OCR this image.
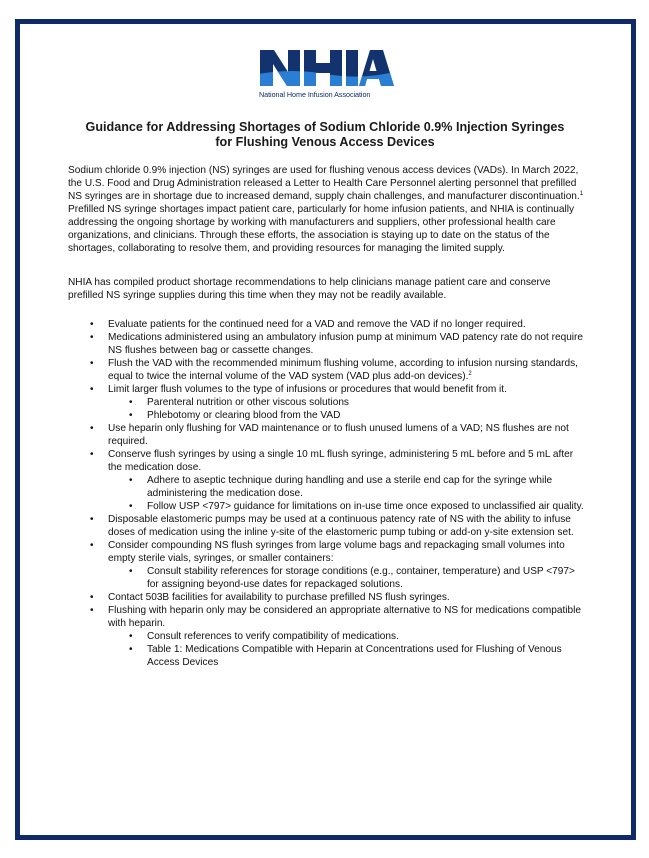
National Home Infusion Association
Guidance for Addressing Shortages of Sodium Chloride 0.9% Injection Syringes
for Flushing Venous Access Devices
Sodium chloride 0.9% injection (NS) syringes are used for flushing venous access devices (VADs). In March 2022, the U.S. Food and Drug Administration released a Letter to Health Care Personnel alerting personnel that prefilled NS syringes are in shortage due to increased demand, supply chain challenges, and manufacturer discontinuation.$^1$ Prefilled NS syringe shortages impact patient care, particularly for home infusion patients, and NHIA is continually addressing the ongoing shortage by working with manufacturers and suppliers, other professional health care organizations, and clinicians. Through these efforts, the association is staying up to date on the status of the shortages, collaborating to resolve them, and providing resources for managing the limited supply.
NHIA has compiled product shortage recommendations to help clinicians manage patient care and conserve prefilled NS syringe supplies during this time when they may not be readily available.
• Evaluate patients for the continued need for a VAD and remove the VAD if no longer required.
• Medications administered using an ambulatory infusion pump at minimum VAD patency rate do not require NS flushes between bag or cassette changes.
• Flush the VAD with the recommended minimum flushing volume, according to infusion nursing standards, equal to twice the internal volume of the VAD system (VAD plus add-on devices).$^2$
• Limit larger flush volumes to the type of infusions or procedures that would benefit from it.
• Parenteral nutrition or other viscous solutions
• Phlebotomy or clearing blood from the VAD
• Use heparin only flushing for VAD maintenance or to flush unused lumens of a VAD; NS flushes are not required.
• Conserve flush syringes by using a single 10 mL flush syringe, administering 5 mL before and 5 mL after the medication dose.
• Adhere to aseptic technique during handling and use a sterile end cap for the syringe while administering the medication dose.
• Follow USP <797> guidance for limitations on in-use time once exposed to unclassified air quality.
• Disposable elastomeric pumps may be used at a continuous patency rate of NS with the ability to infuse doses of medication using the inline y-site of the elastomeric pump tubing or add-on y-site extension set.
• Consider compounding NS flush syringes from large volume bags and repackaging small volumes into empty sterile vials, syringes, or smaller containers:
• Consult stability references for storage conditions (e.g., container, temperature) and USP <797> for assigning beyond-use dates for repackaged solutions.
• Contact 503B facilities for availability to purchase prefilled NS flush syringes.
• Flushing with heparin only may be considered an appropriate alternative to NS for medications compatible with heparin.
• Consult references to verify compatibility of medications.
• Table 1: Medications Compatible with Heparin at Concentrations used for Flushing of Venous Access Devices
